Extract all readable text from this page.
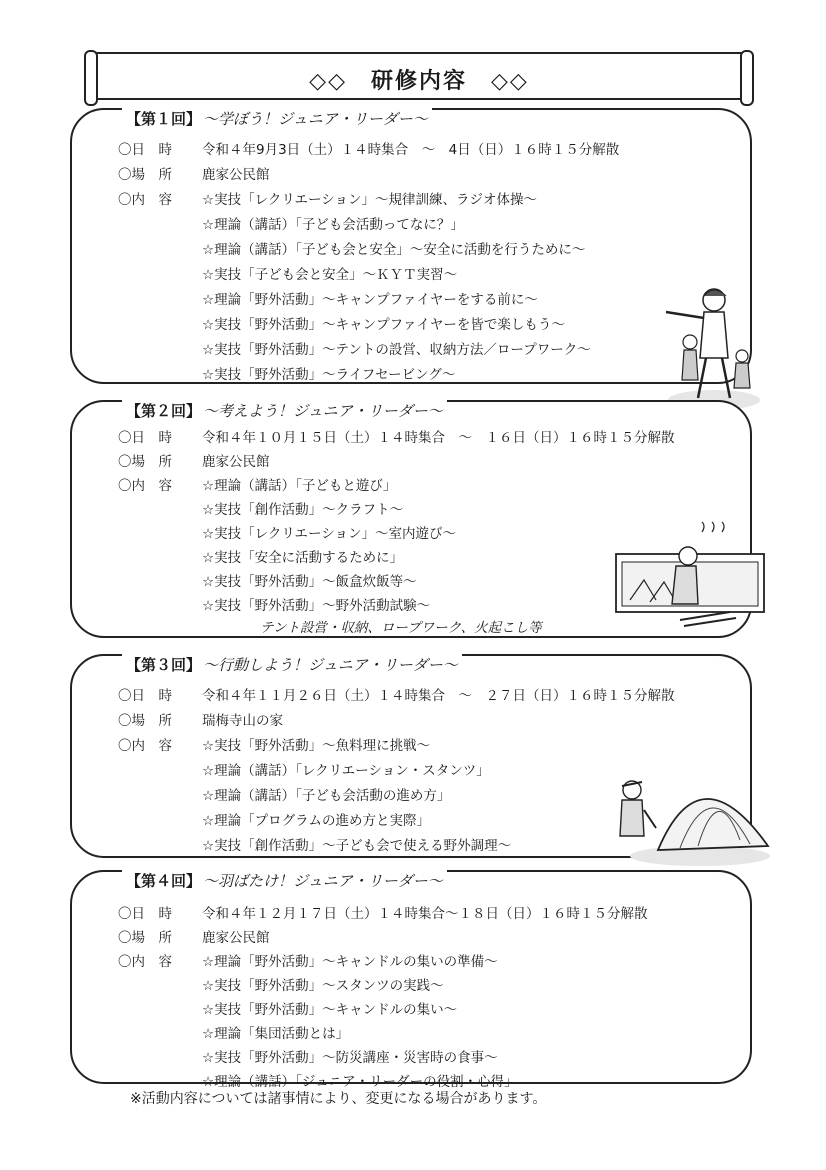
◇◇　研修内容　◇◇
【第１回】 ～学ぼう！ジュニア・リーダー～
〇日　時 令和４年9月3日（土）１４時集合　～　4日（日）１６時１５分解散
〇場　所 鹿家公民館
〇内　容	☆実技「レクリエーション」～規律訓練、ラジオ体操～
☆理論（講話）「子ども会活動ってなに？」
☆理論（講話）「子ども会と安全」～安全に活動を行うために～
☆実技「子ども会と安全」～ＫＹＴ実習～
☆理論「野外活動」～キャンプファイヤーをする前に～
☆実技「野外活動」～キャンプファイヤーを皆で楽しもう～
☆実技「野外活動」～テントの設営、収納方法／ロープワーク～
☆実技「野外活動」～ライフセービング～
【第２回】 ～考えよう！ジュニア・リーダー～
〇日　時 令和４年１０月１５日（土）１４時集合　～　１６日（日）１６時１５分解散
〇場　所 鹿家公民館
〇内　容	☆理論（講話）「子どもと遊び」
☆実技「創作活動」～クラフト～
☆実技「レクリエーション」～室内遊び～
☆実技「安全に活動するために」
☆実技「野外活動」～飯盒炊飯等～
☆実技「野外活動」～野外活動試験～
テント設営・収納、ロープワーク、火起こし等
【第３回】 ～行動しよう！ジュニア・リーダー～
〇日　時 令和４年１１月２６日（土）１４時集合　～　２７日（日）１６時１５分解散
〇場　所 瑞梅寺山の家
〇内　容	☆実技「野外活動」～魚料理に挑戦～
☆理論（講話）「レクリエーション・スタンツ」
☆理論（講話）「子ども会活動の進め方」
☆理論「プログラムの進め方と実際」
☆実技「創作活動」～子ども会で使える野外調理～
【第４回】 ～羽ばたけ！ジュニア・リーダー～
〇日　時 令和４年１２月１７日（土）１４時集合～１８日（日）１６時１５分解散
〇場　所 鹿家公民館
〇内　容	☆理論「野外活動」～キャンドルの集いの準備～
☆実技「野外活動」～スタンツの実践～
☆実技「野外活動」～キャンドルの集い～
☆理論「集団活動とは」
☆実技「野外活動」～防災講座・災害時の食事～
☆理論（講話）「ジュニア・リーダーの役割・心得」
※活動内容については諸事情により、変更になる場合があります。
